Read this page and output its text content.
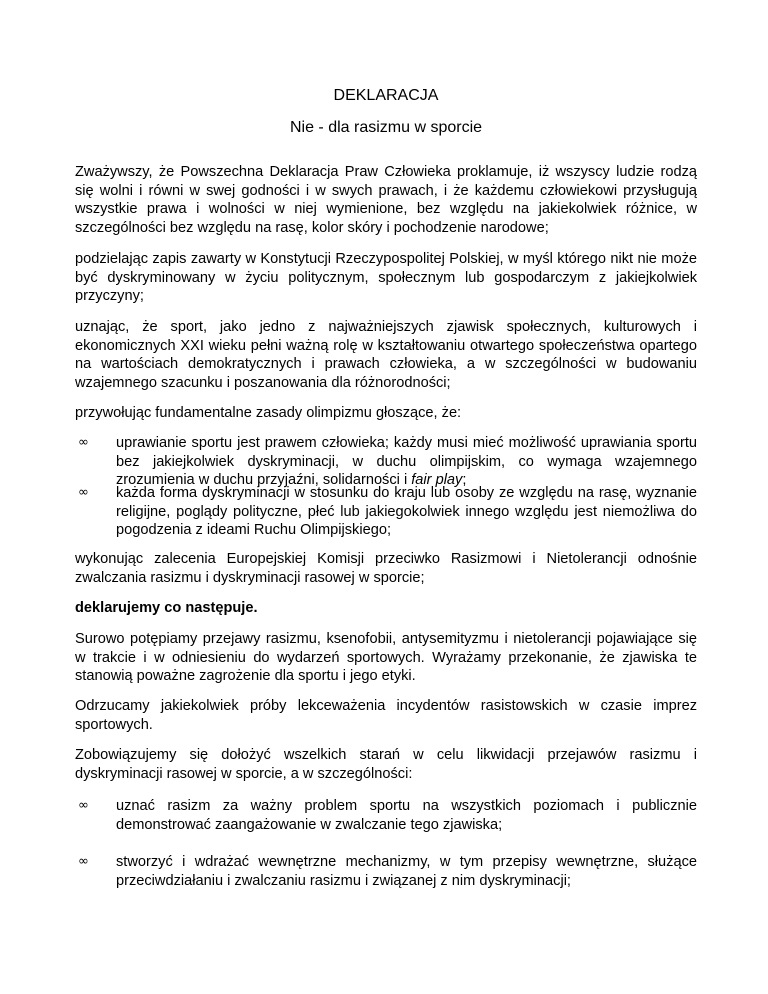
DEKLARACJA
Nie - dla rasizmu w sporcie

Zważywszy, że Powszechna Deklaracja Praw Człowieka proklamuje, iż wszyscy ludzie rodzą się wolni i równi w swej godności i w swych prawach, i że każdemu człowiekowi przysługują wszystkie prawa i wolności w niej wymienione, bez względu na jakiekolwiek różnice, w szczególności bez względu na rasę, kolor skóry i pochodzenie narodowe;

podzielając zapis zawarty w Konstytucji Rzeczypospolitej Polskiej, w myśl którego nikt nie może być dyskryminowany w życiu politycznym, społecznym lub gospodarczym z jakiejkolwiek przyczyny;

uznając, że sport, jako jedno z najważniejszych zjawisk społecznych, kulturowych i ekonomicznych XXI wieku pełni ważną rolę w kształtowaniu otwartego społeczeństwa opartego na wartościach demokratycznych i prawach człowieka, a w szczególności w budowaniu wzajemnego szacunku i poszanowania dla różnorodności;

przywołując fundamentalne zasady olimpizmu głoszące, że:

∞ uprawianie sportu jest prawem człowieka; każdy musi mieć możliwość uprawiania sportu bez jakiejkolwiek dyskryminacji, w duchu olimpijskim, co wymaga wzajemnego zrozumienia w duchu przyjaźni, solidarności i fair play;

∞ każda forma dyskryminacji w stosunku do kraju lub osoby ze względu na rasę, wyznanie religijne, poglądy polityczne, płeć lub jakiegokolwiek innego względu jest niemożliwa do pogodzenia z ideami Ruchu Olimpijskiego;

wykonując zalecenia Europejskiej Komisji przeciwko Rasizmowi i Nietolerancji odnośnie zwalczania rasizmu i dyskryminacji rasowej w sporcie;

deklarujemy co następuje.

Surowo potępiamy przejawy rasizmu, ksenofobii, antysemityzmu i nietolerancji pojawiające się w trakcie i w odniesieniu do wydarzeń sportowych. Wyrażamy przekonanie, że zjawiska te stanowią poważne zagrożenie dla sportu i jego etyki.

Odrzucamy jakiekolwiek próby lekceważenia incydentów rasistowskich w czasie imprez sportowych.

Zobowiązujemy się dołożyć wszelkich starań w celu likwidacji przejawów rasizmu i dyskryminacji rasowej w sporcie, a w szczególności:

∞ uznać rasizm za ważny problem sportu na wszystkich poziomach i publicznie demonstrować zaangażowanie w zwalczanie tego zjawiska;

∞ stworzyć i wdrażać wewnętrzne mechanizmy, w tym przepisy wewnętrzne, służące przeciwdziałaniu i zwalczaniu rasizmu i związanej z nim dyskryminacji;
